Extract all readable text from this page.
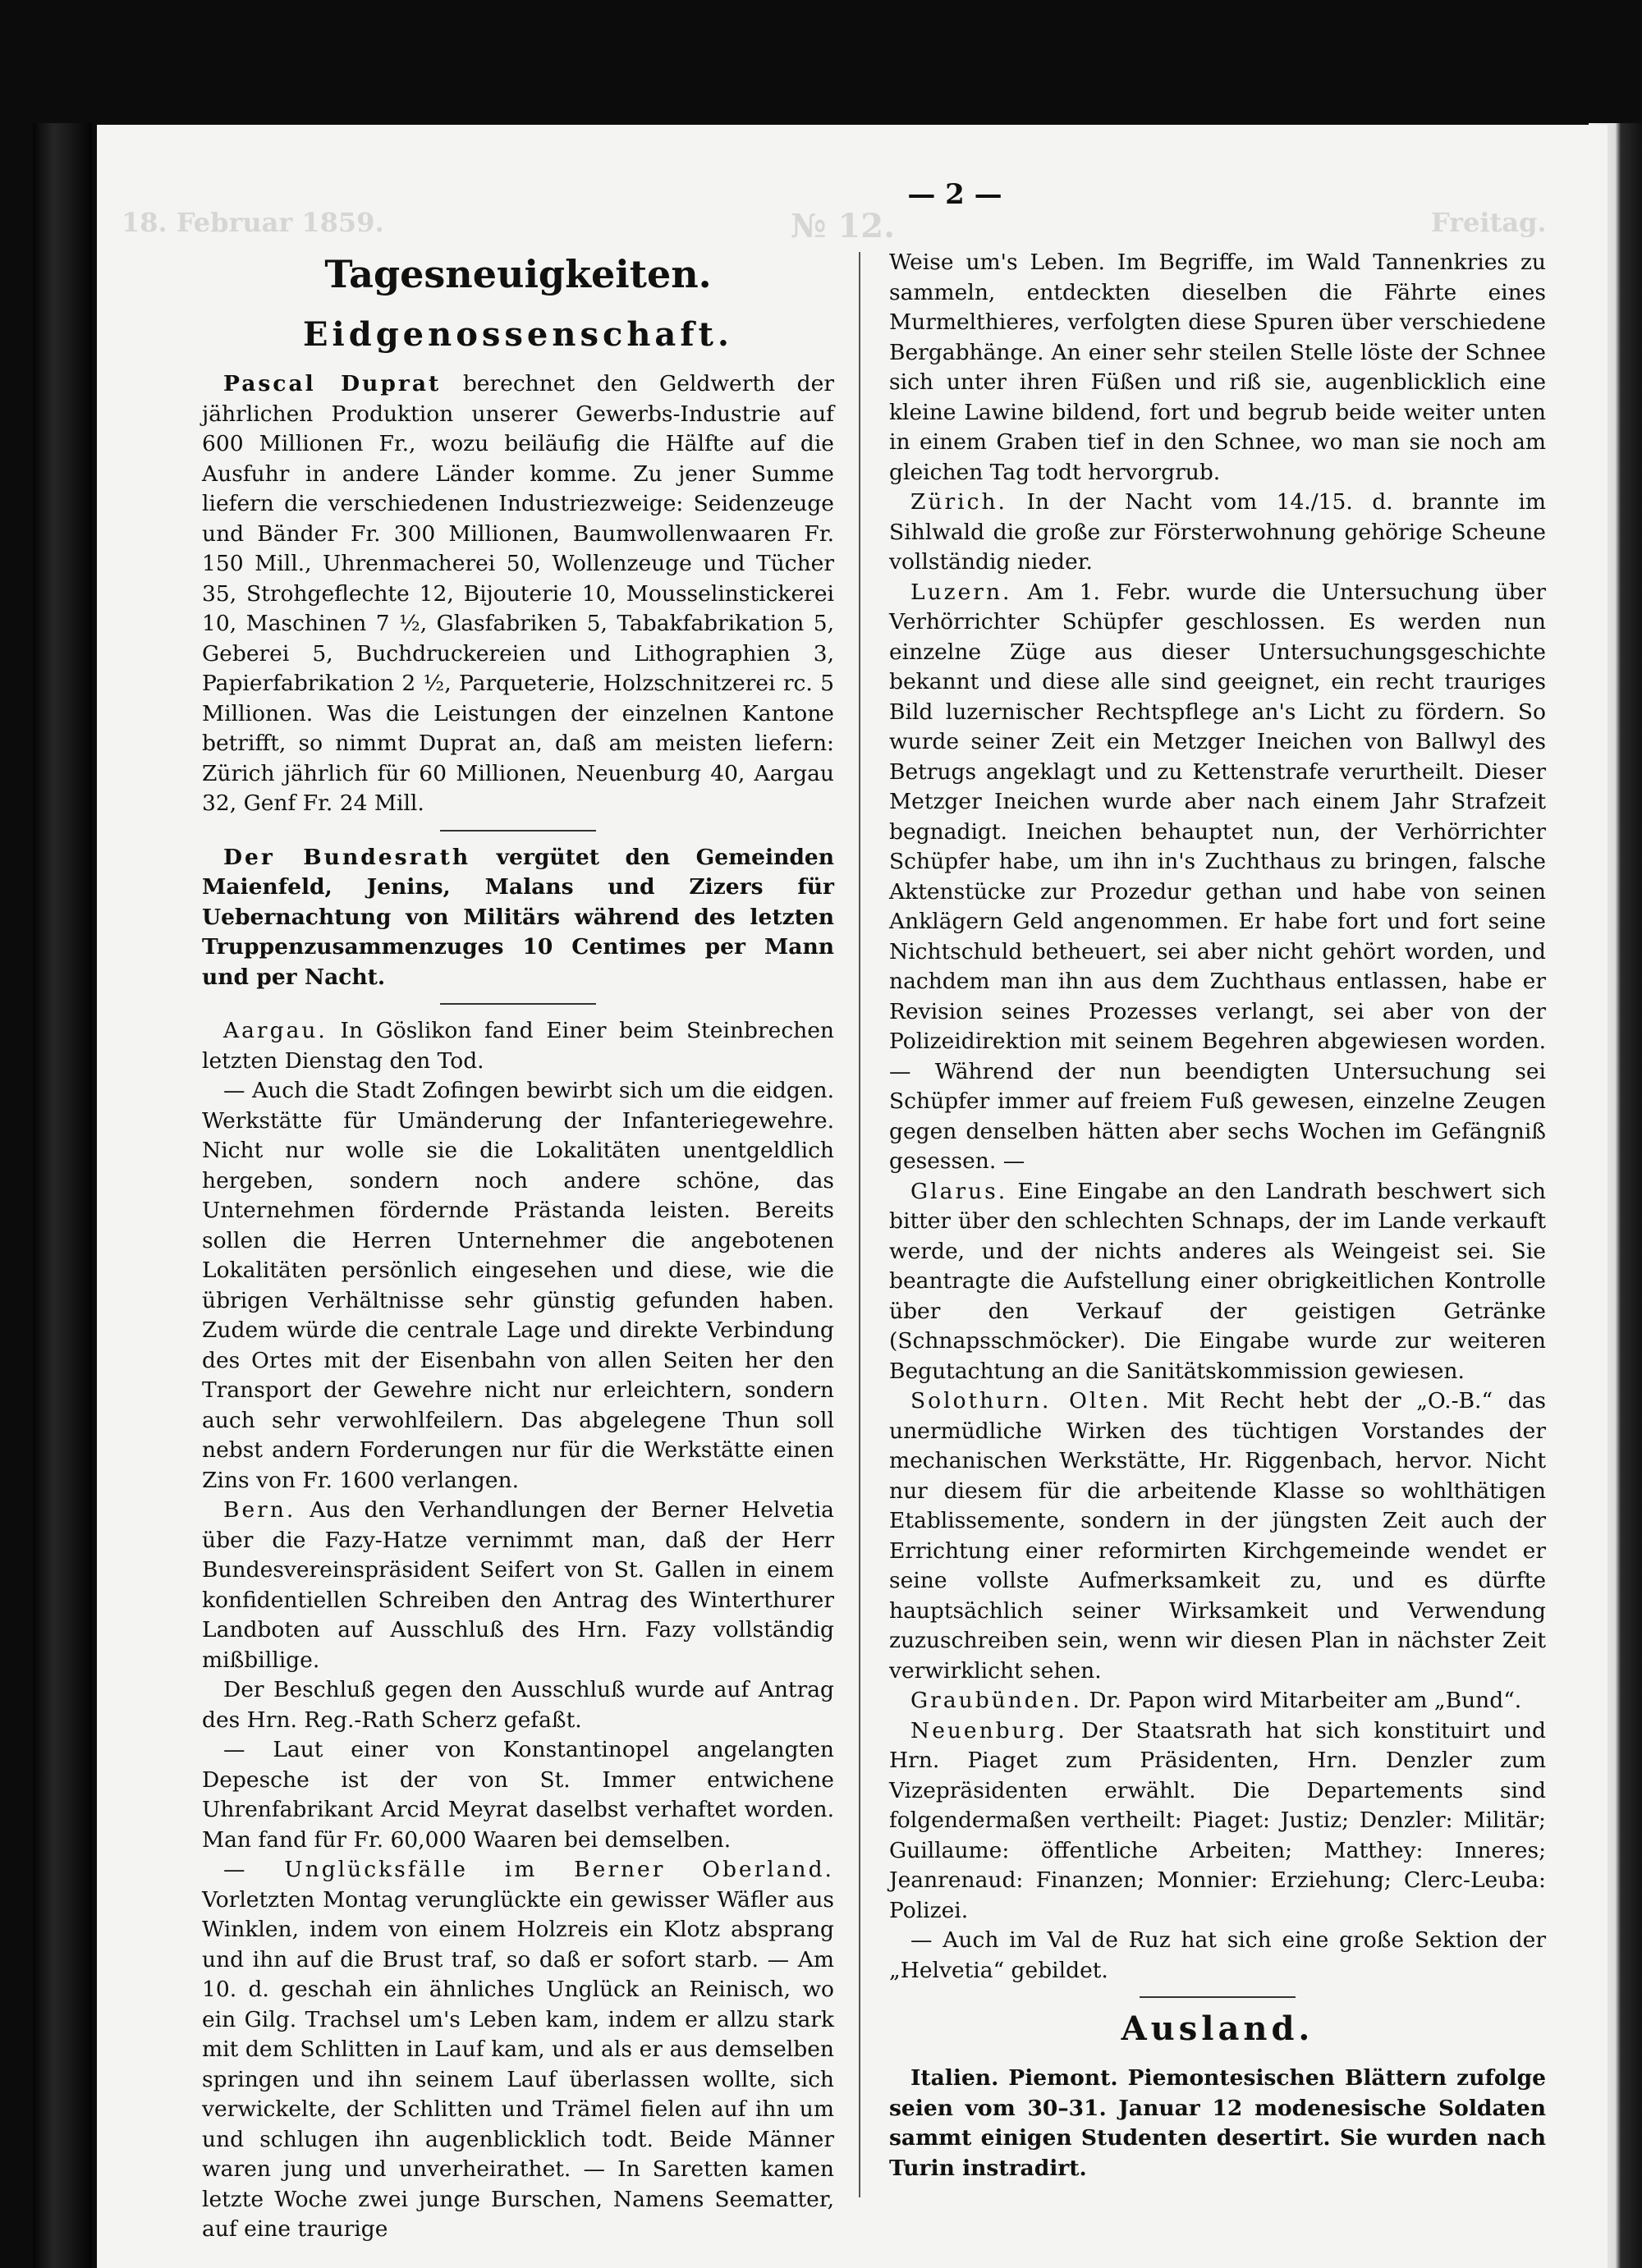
18. Februar 1859.	№ 12.	Freitag.
— 2 —
Tagesneuigkeiten.
Eidgenossenschaft.

Pascal Duprat berechnet den Geldwerth der jährlichen Produktion unserer Gewerbs-Industrie auf 600 Millionen Fr., wozu beiläufig die Hälfte auf die Ausfuhr in andere Länder komme. Zu jener Summe liefern die verschiedenen Industriezweige: Seidenzeuge und Bänder Fr. 300 Millionen, Baumwollenwaaren Fr. 150 Mill., Uhrenmacherei 50, Wollenzeuge und Tücher 35, Strohgeflechte 12, Bijouterie 10, Mousselinstickerei 10, Maschinen 7 ½, Glasfabriken 5, Tabakfabrikation 5, Geberei 5, Buchdruckereien und Lithographien 3, Papierfabrikation 2 ½, Parqueterie, Holzschnitzerei rc. 5 Millionen. Was die Leistungen der einzelnen Kantone betrifft, so nimmt Duprat an, daß am meisten liefern: Zürich jährlich für 60 Millionen, Neuenburg 40, Aargau 32, Genf Fr. 24 Mill.

Der Bundesrath vergütet den Gemeinden Maienfeld, Jenins, Malans und Zizers für Uebernachtung von Militärs während des letzten Truppenzusammenzuges 10 Centimes per Mann und per Nacht.

Aargau. In Göslikon fand Einer beim Steinbrechen letzten Dienstag den Tod.

— Auch die Stadt Zofingen bewirbt sich um die eidgen. Werkstätte für Umänderung der Infanteriegewehre. Nicht nur wolle sie die Lokalitäten unentgeldlich hergeben, sondern noch andere schöne, das Unternehmen fördernde Prästanda leisten. Bereits sollen die Herren Unternehmer die angebotenen Lokalitäten persönlich eingesehen und diese, wie die übrigen Verhältnisse sehr günstig gefunden haben. Zudem würde die centrale Lage und direkte Verbindung des Ortes mit der Eisenbahn von allen Seiten her den Transport der Gewehre nicht nur erleichtern, sondern auch sehr verwohlfeilern. Das abgelegene Thun soll nebst andern Forderungen nur für die Werkstätte einen Zins von Fr. 1600 verlangen.

Bern. Aus den Verhandlungen der Berner Helvetia über die Fazy-Hatze vernimmt man, daß der Herr Bundesvereinspräsident Seifert von St. Gallen in einem konfidentiellen Schreiben den Antrag des Winterthurer Landboten auf Ausschluß des Hrn. Fazy vollständig mißbillige.

Der Beschluß gegen den Ausschluß wurde auf Antrag des Hrn. Reg.-Rath Scherz gefaßt.

— Laut einer von Konstantinopel angelangten Depesche ist der von St. Immer entwichene Uhrenfabrikant Arcid Meyrat daselbst verhaftet worden. Man fand für Fr. 60,000 Waaren bei demselben.

— Unglücksfälle im Berner Oberland. Vorletzten Montag verunglückte ein gewisser Wäfler aus Winklen, indem von einem Holzreis ein Klotz absprang und ihn auf die Brust traf, so daß er sofort starb. — Am 10. d. geschah ein ähnliches Unglück an Reinisch, wo ein Gilg. Trachsel um's Leben kam, indem er allzu stark mit dem Schlitten in Lauf kam, und als er aus demselben springen und ihn seinem Lauf überlassen wollte, sich verwickelte, der Schlitten und Trämel fielen auf ihn um und schlugen ihn augenblicklich todt. Beide Männer waren jung und unverheirathet. — In Saretten kamen letzte Woche zwei junge Burschen, Namens Seematter, auf eine traurige

Weise um's Leben. Im Begriffe, im Wald Tannenkries zu sammeln, entdeckten dieselben die Fährte eines Murmelthieres, verfolgten diese Spuren über verschiedene Bergabhänge. An einer sehr steilen Stelle löste der Schnee sich unter ihren Füßen und riß sie, augenblicklich eine kleine Lawine bildend, fort und begrub beide weiter unten in einem Graben tief in den Schnee, wo man sie noch am gleichen Tag todt hervorgrub.

Zürich. In der Nacht vom 14./15. d. brannte im Sihlwald die große zur Försterwohnung gehörige Scheune vollständig nieder.

Luzern. Am 1. Febr. wurde die Untersuchung über Verhörrichter Schüpfer geschlossen. Es werden nun einzelne Züge aus dieser Untersuchungsgeschichte bekannt und diese alle sind geeignet, ein recht trauriges Bild luzernischer Rechtspflege an's Licht zu fördern. So wurde seiner Zeit ein Metzger Ineichen von Ballwyl des Betrugs angeklagt und zu Kettenstrafe verurtheilt. Dieser Metzger Ineichen wurde aber nach einem Jahr Strafzeit begnadigt. Ineichen behauptet nun, der Verhörrichter Schüpfer habe, um ihn in's Zuchthaus zu bringen, falsche Aktenstücke zur Prozedur gethan und habe von seinen Anklägern Geld angenommen. Er habe fort und fort seine Nichtschuld betheuert, sei aber nicht gehört worden, und nachdem man ihn aus dem Zuchthaus entlassen, habe er Revision seines Prozesses verlangt, sei aber von der Polizeidirektion mit seinem Begehren abgewiesen worden. — Während der nun beendigten Untersuchung sei Schüpfer immer auf freiem Fuß gewesen, einzelne Zeugen gegen denselben hätten aber sechs Wochen im Gefängniß gesessen. —

Glarus. Eine Eingabe an den Landrath beschwert sich bitter über den schlechten Schnaps, der im Lande verkauft werde, und der nichts anderes als Weingeist sei. Sie beantragte die Aufstellung einer obrigkeitlichen Kontrolle über den Verkauf der geistigen Getränke (Schnapsschmöcker). Die Eingabe wurde zur weiteren Begutachtung an die Sanitätskommission gewiesen.

Solothurn. Olten. Mit Recht hebt der „O.-B.“ das unermüdliche Wirken des tüchtigen Vorstandes der mechanischen Werkstätte, Hr. Riggenbach, hervor. Nicht nur diesem für die arbeitende Klasse so wohlthätigen Etablissemente, sondern in der jüngsten Zeit auch der Errichtung einer reformirten Kirchgemeinde wendet er seine vollste Aufmerksamkeit zu, und es dürfte hauptsächlich seiner Wirksamkeit und Verwendung zuzuschreiben sein, wenn wir diesen Plan in nächster Zeit verwirklicht sehen.

Graubünden. Dr. Papon wird Mitarbeiter am „Bund“.

Neuenburg. Der Staatsrath hat sich konstituirt und Hrn. Piaget zum Präsidenten, Hrn. Denzler zum Vizepräsidenten erwählt. Die Departements sind folgendermaßen vertheilt: Piaget: Justiz; Denzler: Militär; Guillaume: öffentliche Arbeiten; Matthey: Inneres; Jeanrenaud: Finanzen; Monnier: Erziehung; Clerc-Leuba: Polizei.

— Auch im Val de Ruz hat sich eine große Sektion der „Helvetia“ gebildet.

Ausland.

Italien. Piemont. Piemontesischen Blättern zufolge seien vom 30–31. Januar 12 modenesische Soldaten sammt einigen Studenten desertirt. Sie wurden nach Turin instradirt.
